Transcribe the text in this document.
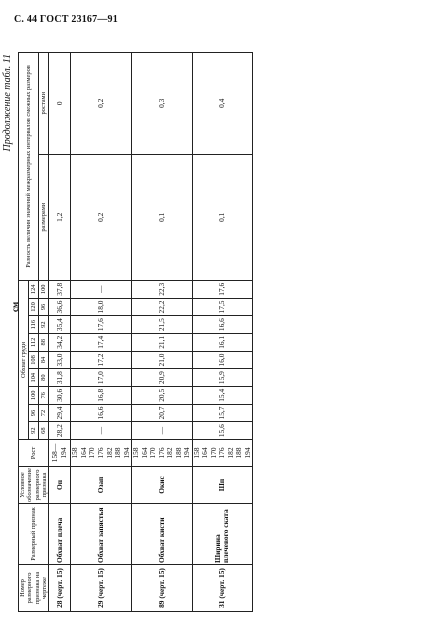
С. 44 ГОСТ 23167—91
Продолжение табл. 11
см
Номер размерного признака на чертеже	Размерный признак	Условное обозначение размерного признака	Рост	Обхват груди									Разность величин значений межразмерных интервалов смежных размеров	
				92	96	100	104	108	112	116	120	124		
				68	72	76	80	84	88	92	96	100	размерами	ростами
28 (черт. 15)	Обхват плеча	Оп	158—194	28,2	29,4	30,6	31,8	33,0	34,2	35,4	36,6	37,8	1,2	0
29 (черт. 15)	Обхват запястья	Озап	158 164 170 176 182 188 194	—	16,6	16,8	17,0	17,2	17,4	17,6	18,0	—	0,2	0,2
89 (черт. 15)	Обхват кисти	Окис	158 164 170 176 182 188 194	—	20,7	20,5	20,9	21,0	21,1	21,5	22,2	22,3	0,1	0,3
31 (черт. 15)	Ширина плечевого ската	Шп	158 164 170 176 182 188 194	15,6	15,7	15,4	15,9	16,0	16,1	16,6	17,5	17,6	0,1	0,4
